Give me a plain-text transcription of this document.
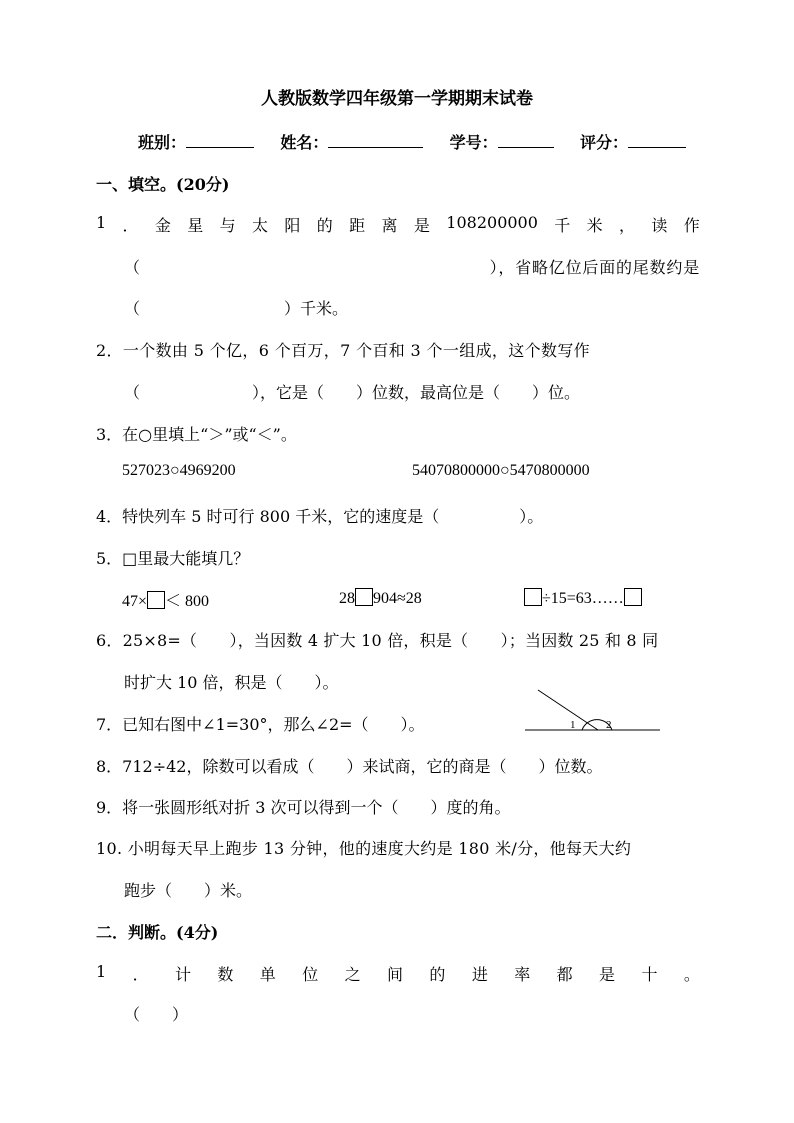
人教版数学四年级第一学期期末试卷
班别：	姓名：	学号：	评分：
一、填空。(20分)
1 ． 金 星 与 太 阳 的 距 离 是 108200000 千 米 ， 读 作
（	），省略亿位后面的尾数约是
（　　　　　　　　　）千米。
2．一个数由 5 个亿，6 个百万，7 个百和 3 个一组成，这个数写作
（　　　　　　　），它是（　　）位数，最高位是（　　）位。
3．在○里填上“＞”或“＜”。
527023○4969200	54070800000○5470800000
4．特快列车 5 时可行 800 千米，它的速度是（　　　　　）。
5．□里最大能填几？
47× ＜ 800	28 904≈28	÷15=63……
6．25×8=（　　），当因数 4 扩大 10 倍，积是（　　）；当因数 25 和 8 同
时扩大 10 倍，积是（　　）。
7．已知右图中∠1=30°，那么∠2=（　　）。	1	2
8．712÷42，除数可以看成（　　）来试商，它的商是（　　）位数。
9．将一张圆形纸对折 3 次可以得到一个（　　）度的角。
10. 小明每天早上跑步 13 分钟，他的速度大约是 180 米/分，他每天大约
跑步（　　）米。
二．判断。(4分)
1 ． 计 数 单 位 之 间 的 进 率 都 是 十 。
（　　）
